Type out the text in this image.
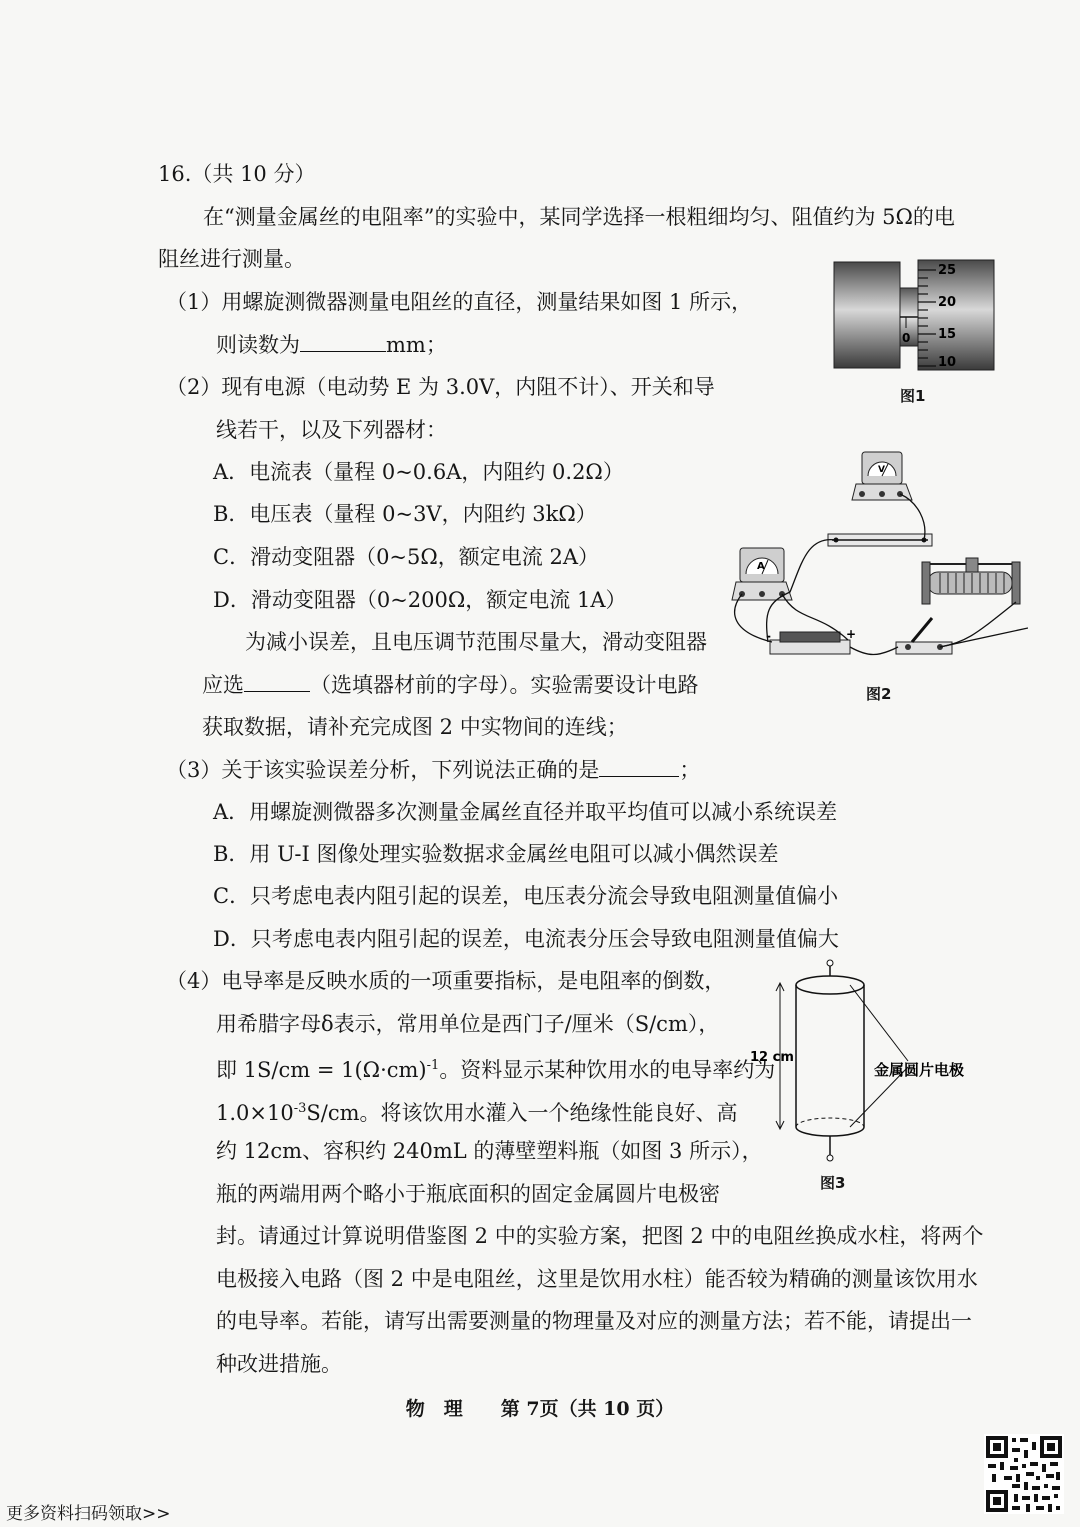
16.（共 10 分）
在“测量金属丝的电阻率”的实验中，某同学选择一根粗细均匀、阻值约为 5Ω的电
阻丝进行测量。
（1）用螺旋测微器测量电阻丝的直径，测量结果如图 1 所示，
则读数为	mm；
（2）现有电源（电动势 E 为 3.0V，内阻不计）、开关和导
线若干，以及下列器材：
A．电流表（量程 0~0.6A，内阻约 0.2Ω）
B．电压表（量程 0~3V，内阻约 3kΩ）
C．滑动变阻器（0~5Ω，额定电流 2A）
D．滑动变阻器（0~200Ω，额定电流 1A）
为减小误差，且电压调节范围尽量大，滑动变阻器
应选	（选填器材前的字母）。实验需要设计电路
获取数据，请补充完成图 2 中实物间的连线；
（3）关于该实验误差分析，下列说法正确的是	；
A．用螺旋测微器多次测量金属丝直径并取平均值可以减小系统误差
B．用 U-I 图像处理实验数据求金属丝电阻可以减小偶然误差
C．只考虑电表内阻引起的误差，电压表分流会导致电阻测量值偏小
D．只考虑电表内阻引起的误差，电流表分压会导致电阻测量值偏大
（4）电导率是反映水质的一项重要指标，是电阻率的倒数，
用希腊字母δ表示，常用单位是西门子/厘米（S/cm），
即 $1S/cm = 1(\Omega\cdot cm)^{-1}$。资料显示某种饮用水的电导率约为
$1.0\times 10^{-3}S/cm$。将该饮用水灌入一个绝缘性能良好、高
约 12cm、容积约 240mL 的薄壁塑料瓶（如图 3 所示），
瓶的两端用两个略小于瓶底面积的固定金属圆片电极密
封。请通过计算说明借鉴图 2 中的实验方案，把图 2 中的电阻丝换成水柱，将两个
电极接入电路（图 2 中是电阻丝，这里是饮用水柱）能否较为精确的测量该饮用水
的电导率。若能，请写出需要测量的物理量及对应的测量方法；若不能，请提出一
种改进措施。
25
20
15
10
0
图1
V
A
-	+
图2
12 cm
金属圆片电极
图3
物　理　　第 7页（共 10 页）
更多资料扫码领取>>
